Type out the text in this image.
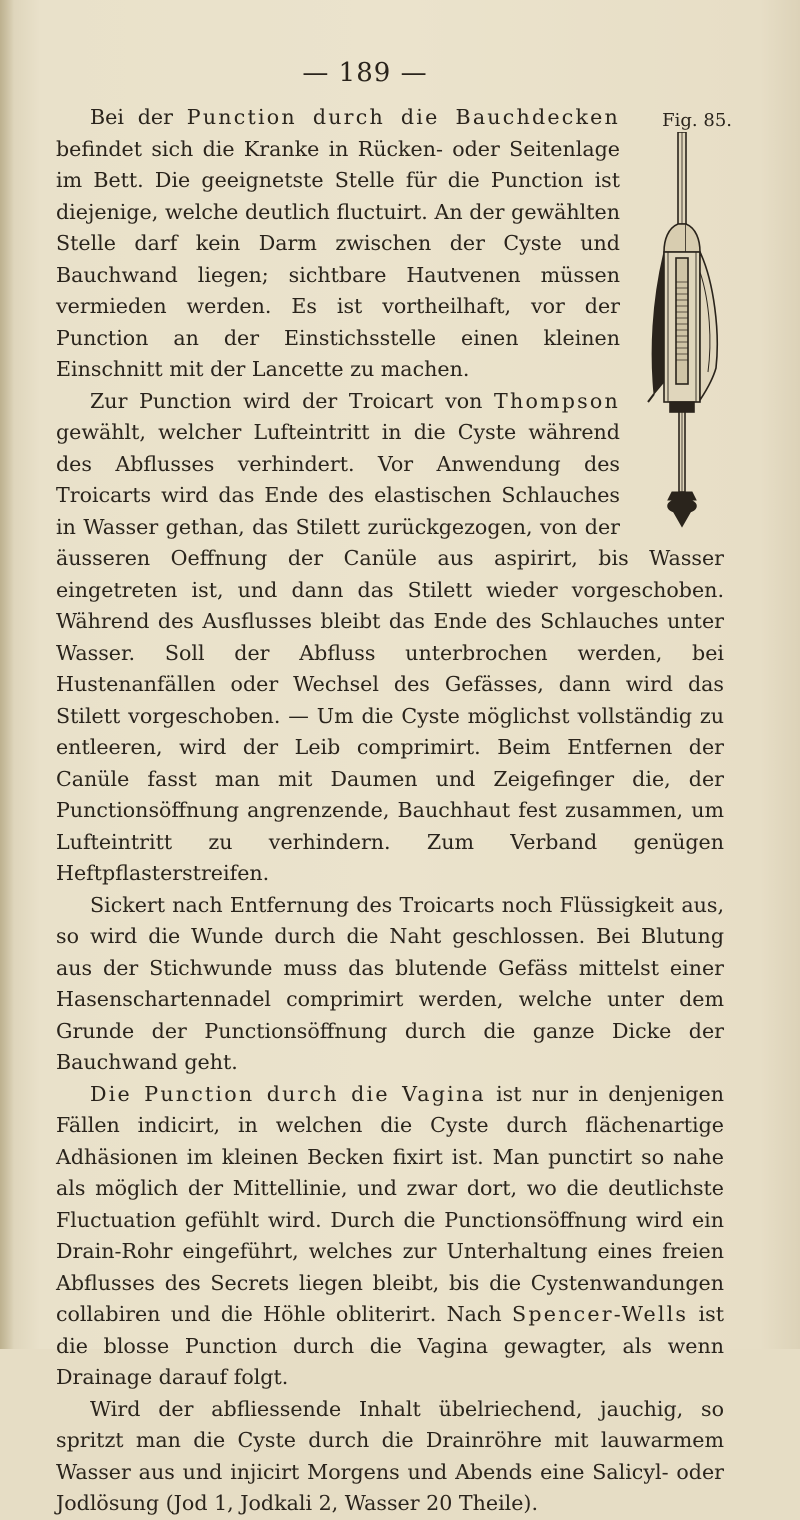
— 189 —
Fig. 85.

Bei der Punction durch die Bauchdecken befindet sich die Kranke in Rücken- oder Seitenlage im Bett. Die geeignetste Stelle für die Punction ist diejenige, welche deutlich fluctuirt. An der gewählten Stelle darf kein Darm zwischen der Cyste und Bauchwand liegen; sichtbare Hautvenen müssen vermieden werden. Es ist vortheilhaft, vor der Punction an der Einstichsstelle einen kleinen Einschnitt mit der Lancette zu machen.

Zur Punction wird der Troicart von Thompson gewählt, welcher Lufteintritt in die Cyste während des Abflusses verhindert. Vor Anwendung des Troicarts wird das Ende des elastischen Schlauches in Wasser gethan, das Stilett zurückgezogen, von der äusseren Oeffnung der Canüle aus aspirirt, bis Wasser eingetreten ist, und dann das Stilett wieder vorgeschoben. Während des Ausflusses bleibt das Ende des Schlauches unter Wasser. Soll der Abfluss unterbrochen werden, bei Hustenanfällen oder Wechsel des Gefässes, dann wird das Stilett vorgeschoben. — Um die Cyste möglichst vollständig zu entleeren, wird der Leib comprimirt. Beim Entfernen der Canüle fasst man mit Daumen und Zeigefinger die, der Punctionsöffnung angrenzende, Bauchhaut fest zusammen, um Lufteintritt zu verhindern. Zum Verband genügen Heftpflasterstreifen.

Sickert nach Entfernung des Troicarts noch Flüssigkeit aus, so wird die Wunde durch die Naht geschlossen. Bei Blutung aus der Stichwunde muss das blutende Gefäss mittelst einer Hasenschartennadel comprimirt werden, welche unter dem Grunde der Punctionsöffnung durch die ganze Dicke der Bauchwand geht.

Die Punction durch die Vagina ist nur in denjenigen Fällen indicirt, in welchen die Cyste durch flächenartige Adhäsionen im kleinen Becken fixirt ist. Man punctirt so nahe als möglich der Mittellinie, und zwar dort, wo die deutlichste Fluctuation gefühlt wird. Durch die Punctionsöffnung wird ein Drain-Rohr eingeführt, welches zur Unterhaltung eines freien Abflusses des Secrets liegen bleibt, bis die Cystenwandungen collabiren und die Höhle obliterirt. Nach Spencer-Wells ist die blosse Punction durch die Vagina gewagter, als wenn Drainage darauf folgt.

Wird der abfliessende Inhalt übelriechend, jauchig, so spritzt man die Cyste durch die Drainröhre mit lauwarmem Wasser aus und injicirt Morgens und Abends eine Salicyl- oder Jodlösung (Jod 1, Jodkali 2, Wasser 20 Theile).
